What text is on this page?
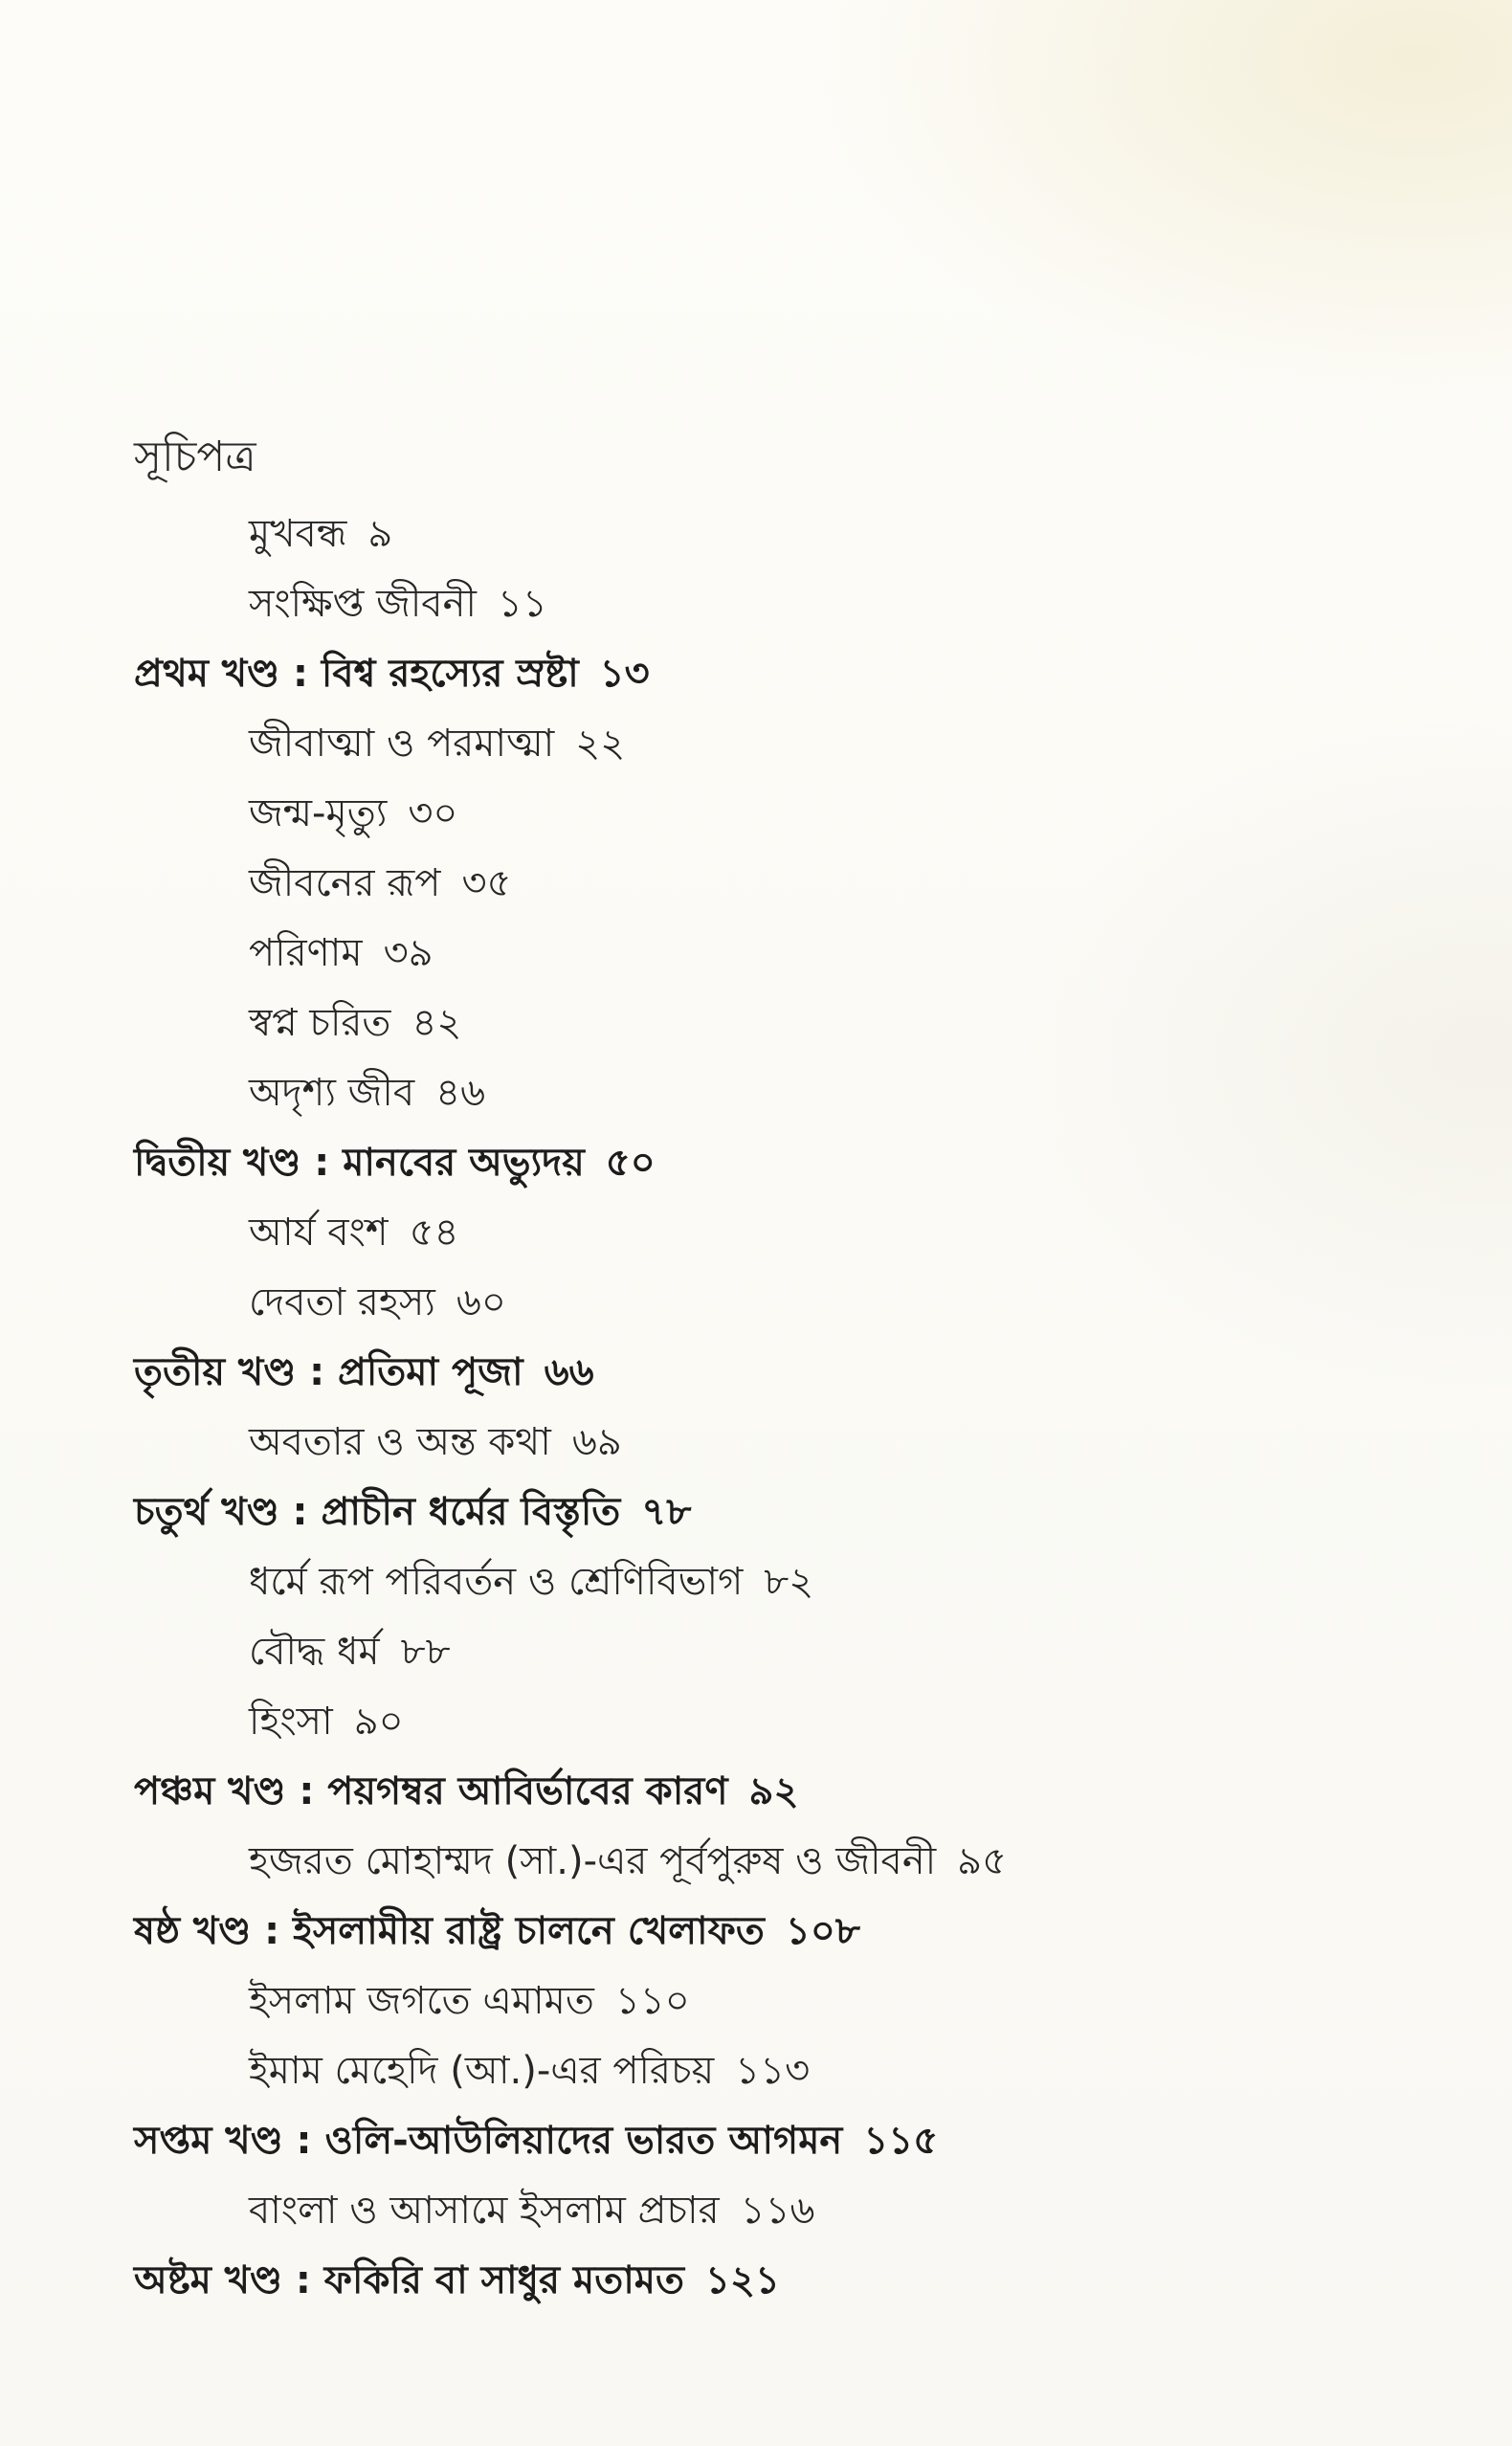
সূচিপত্র
মুখবন্ধ ৯
সংক্ষিপ্ত জীবনী ১১
প্রথম খণ্ড : বিশ্ব রহস্যের স্রষ্টা ১৩
জীবাত্মা ও পরমাত্মা ২২
জন্ম-মৃত্যু ৩০
জীবনের রূপ ৩৫
পরিণাম ৩৯
স্বপ্ন চরিত ৪২
অদৃশ্য জীব ৪৬
দ্বিতীয় খণ্ড : মানবের অভ্যুদয় ৫০
আর্য বংশ ৫৪
দেবতা রহস্য ৬০
তৃতীয় খণ্ড : প্রতিমা পূজা ৬৬
অবতার ও অন্ত কথা ৬৯
চতুর্থ খণ্ড : প্রাচীন ধর্মের বিস্তৃতি ৭৮
ধর্মে রূপ পরিবর্তন ও শ্রেণিবিভাগ ৮২
বৌদ্ধ ধর্ম ৮৮
হিংসা ৯০
পঞ্চম খণ্ড : পয়গম্বর আবির্ভাবের কারণ ৯২
হজরত মোহাম্মদ (সা.)-এর পূর্বপুরুষ ও জীবনী ৯৫
ষষ্ঠ খণ্ড : ইসলামীয় রাষ্ট্র চালনে খেলাফত ১০৮
ইসলাম জগতে এমামত ১১০
ইমাম মেহেদি (আ.)-এর পরিচয় ১১৩
সপ্তম খণ্ড : ওলি-আউলিয়াদের ভারত আগমন ১১৫
বাংলা ও আসামে ইসলাম প্রচার ১১৬
অষ্টম খণ্ড : ফকিরি বা সাধুর মতামত ১২১
